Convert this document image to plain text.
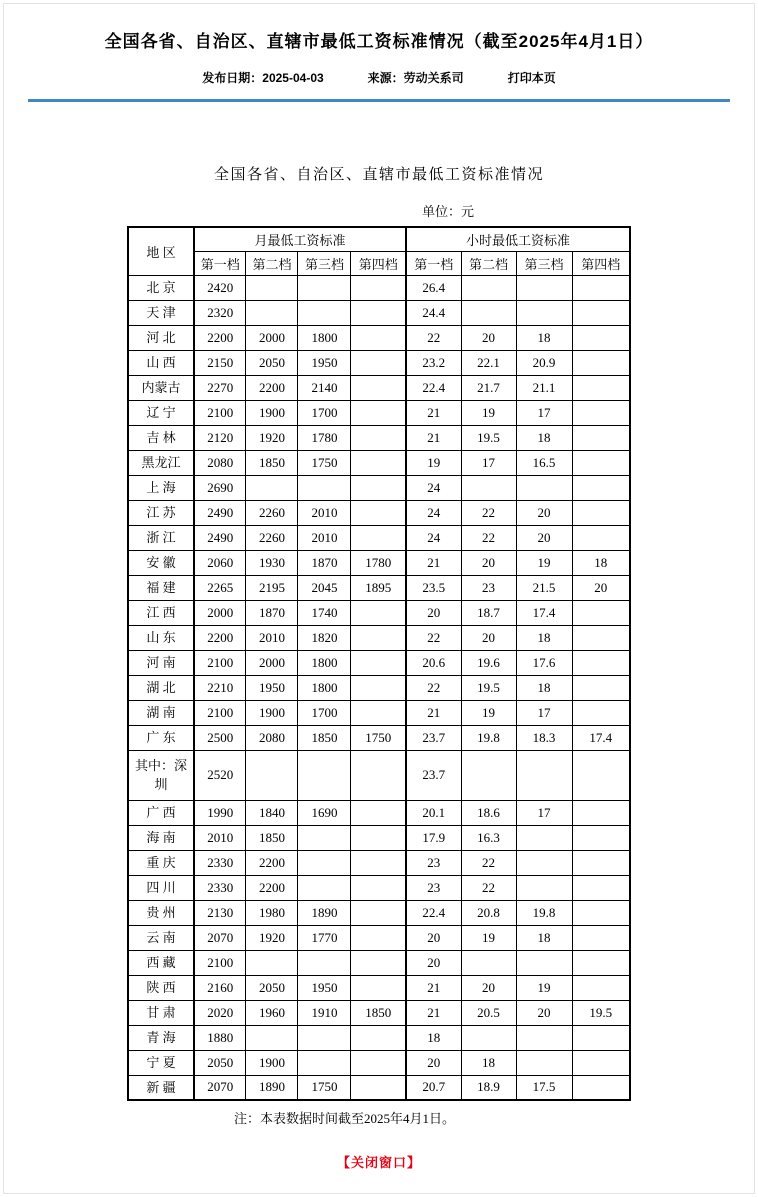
全国各省、自治区、直辖市最低工资标准情况（截至2025年4月1日）
发布日期：2025-04-03	来源：劳动关系司	打印本页
全国各省、自治区、直辖市最低工资标准情况
单位：元
地 区	月最低工资标准				小时最低工资标准			
	第一档	第二档	第三档	第四档	第一档	第二档	第三档	第四档
北 京	2420				26.4			
天 津	2320				24.4			
河 北	2200	2000	1800		22	20	18	
山 西	2150	2050	1950		23.2	22.1	20.9	
内蒙古	2270	2200	2140		22.4	21.7	21.1	
辽 宁	2100	1900	1700		21	19	17	
吉 林	2120	1920	1780		21	19.5	18	
黑龙江	2080	1850	1750		19	17	16.5	
上 海	2690				24			
江 苏	2490	2260	2010		24	22	20	
浙 江	2490	2260	2010		24	22	20	
安 徽	2060	1930	1870	1780	21	20	19	18
福 建	2265	2195	2045	1895	23.5	23	21.5	20
江 西	2000	1870	1740		20	18.7	17.4	
山 东	2200	2010	1820		22	20	18	
河 南	2100	2000	1800		20.6	19.6	17.6	
湖 北	2210	1950	1800		22	19.5	18	
湖 南	2100	1900	1700		21	19	17	
广 东	2500	2080	1850	1750	23.7	19.8	18.3	17.4
其中：深圳	2520				23.7			
广 西	1990	1840	1690		20.1	18.6	17	
海 南	2010	1850			17.9	16.3		
重 庆	2330	2200			23	22		
四 川	2330	2200			23	22		
贵 州	2130	1980	1890		22.4	20.8	19.8	
云 南	2070	1920	1770		20	19	18	
西 藏	2100				20			
陕 西	2160	2050	1950		21	20	19	
甘 肃	2020	1960	1910	1850	21	20.5	20	19.5
青 海	1880				18			
宁 夏	2050	1900			20	18		
新 疆	2070	1890	1750		20.7	18.9	17.5	
注：本表数据时间截至2025年4月1日。
【关闭窗口】
